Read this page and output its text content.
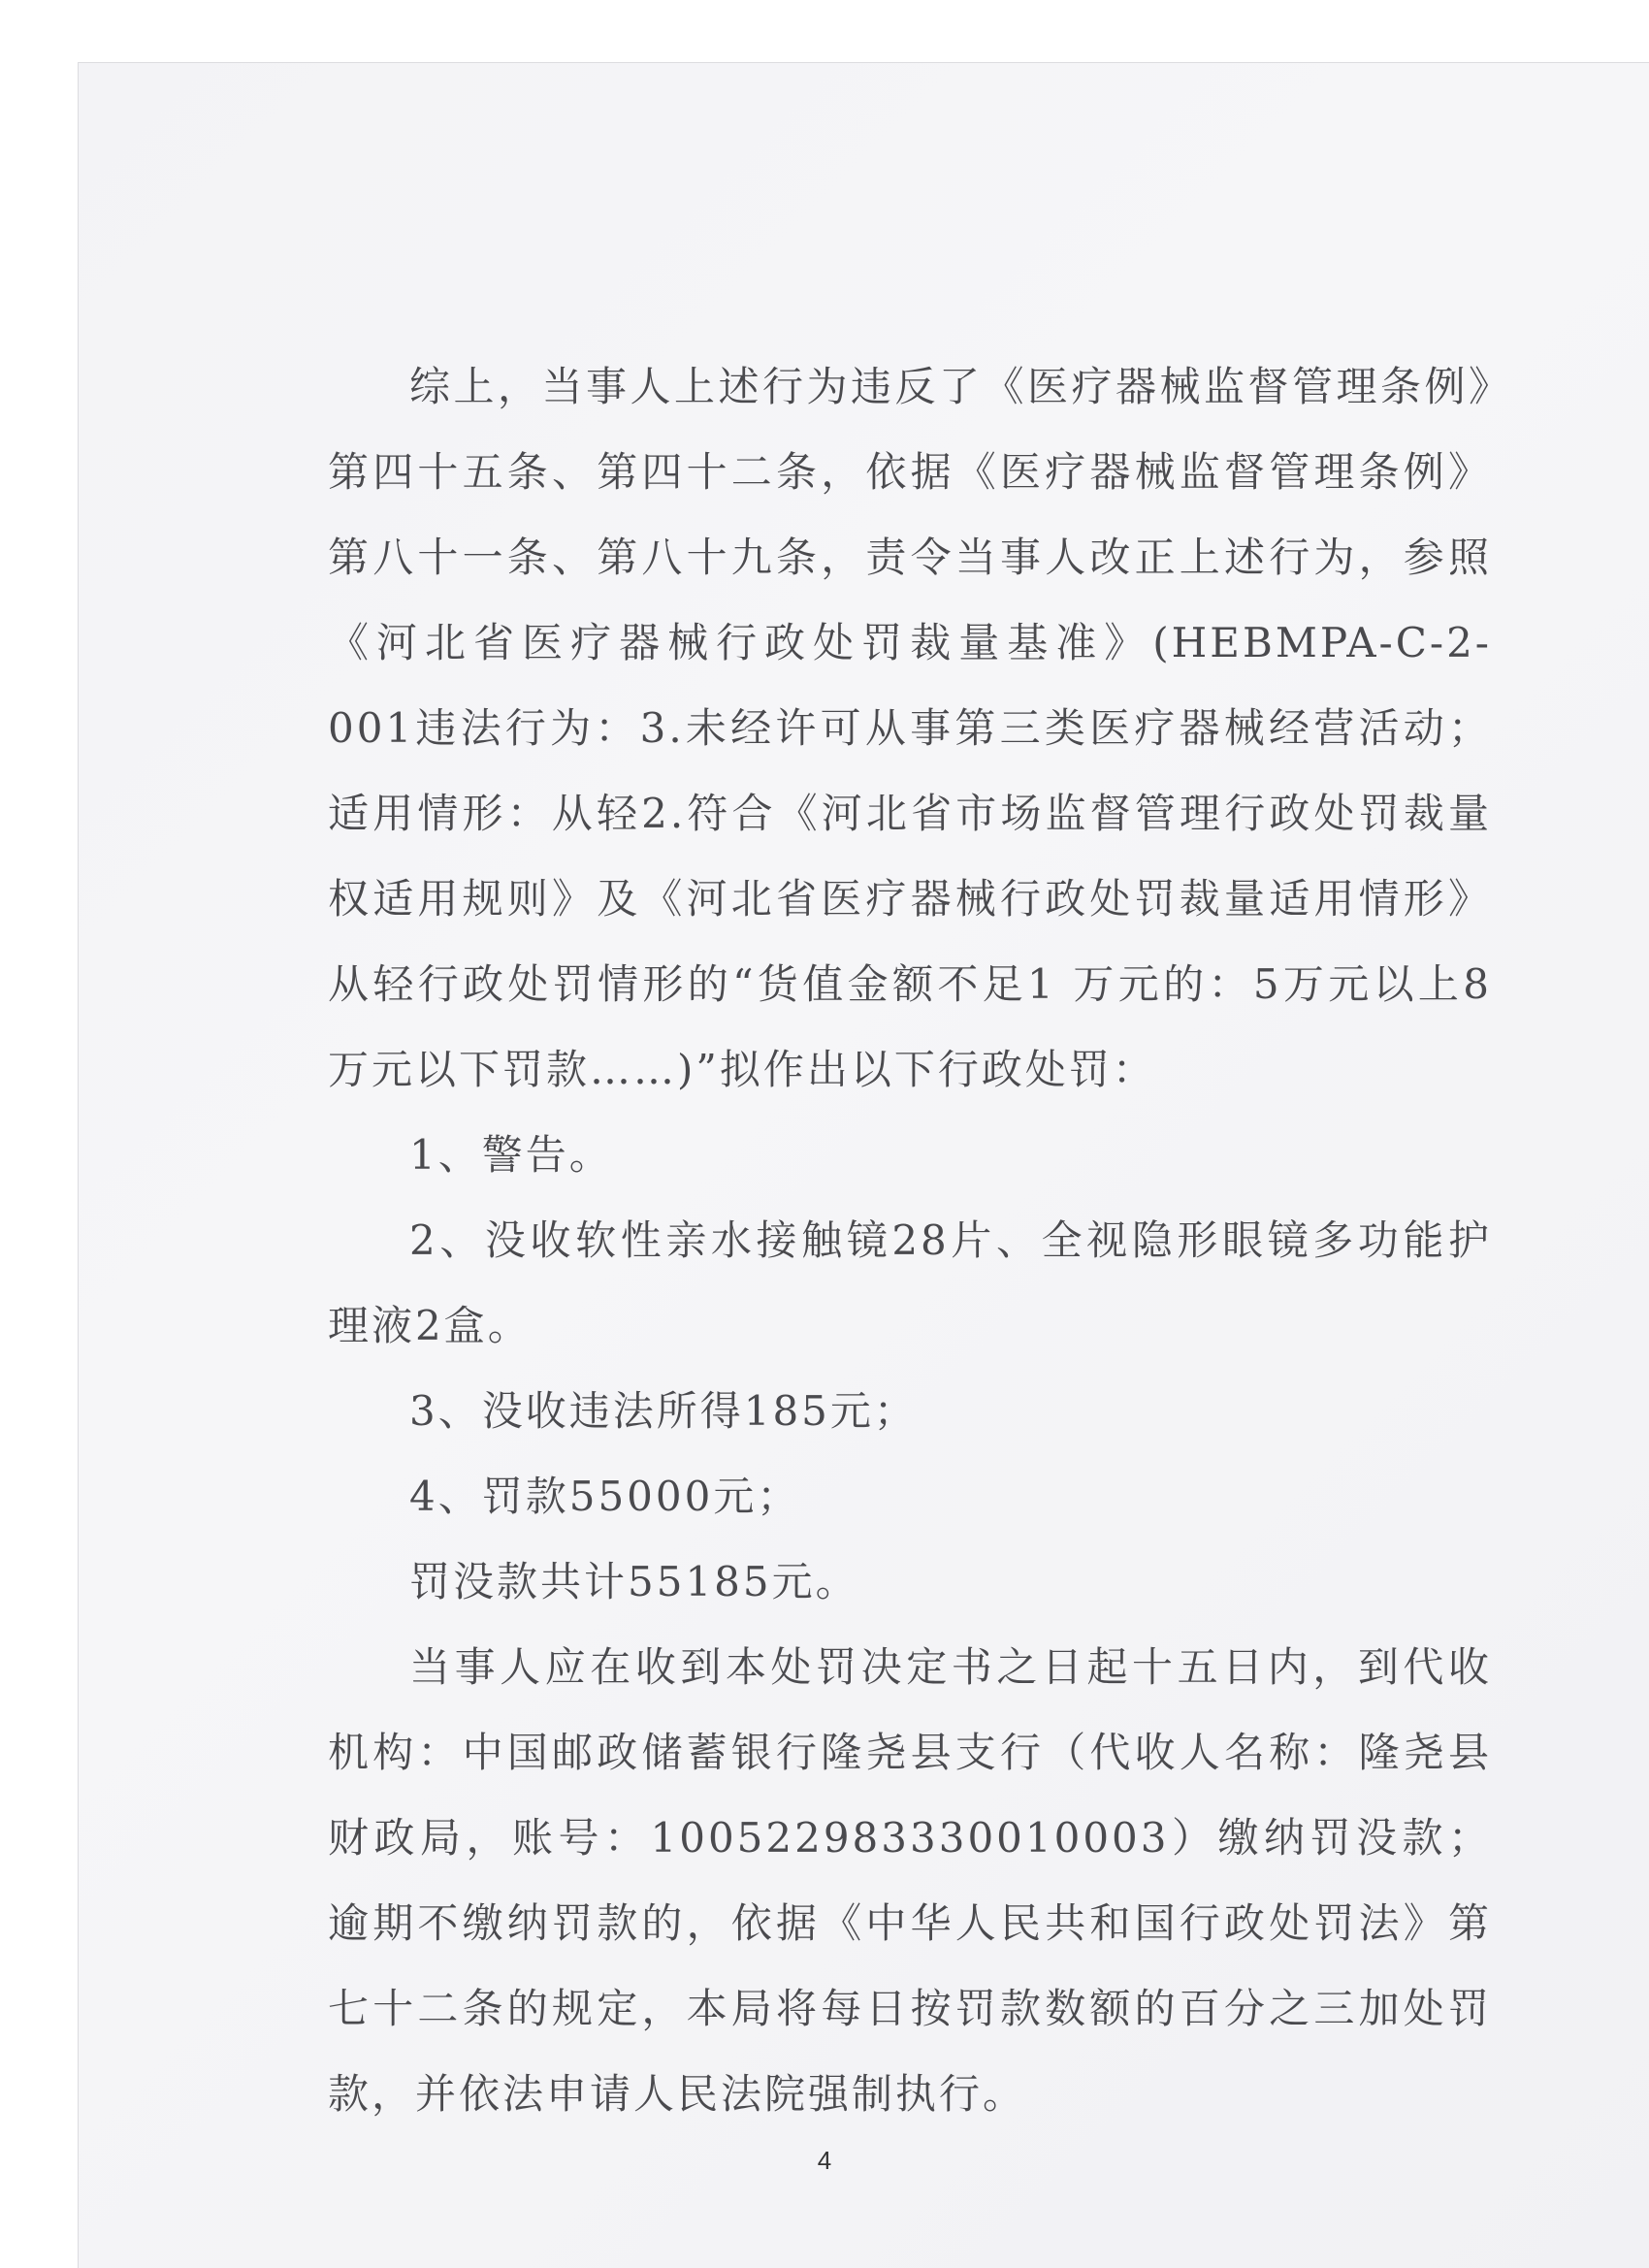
综上，当事人上述行为违反了《医疗器械监督管理条例》第四十五条、第四十二条，依据《医疗器械监督管理条例》第八十一条、第八十九条，责令当事人改正上述行为，参照《河北省医疗器械行政处罚裁量基准》(HEBMPA-C-2-001违法行为：3.未经许可从事第三类医疗器械经营活动；适用情形：从轻2.符合《河北省市场监督管理行政处罚裁量权适用规则》及《河北省医疗器械行政处罚裁量适用情形》从轻行政处罚情形的“货值金额不足1 万元的：5万元以上8 万元以下罚款……)”拟作出以下行政处罚：

1、警告。

2、没收软性亲水接触镜28片、全视隐形眼镜多功能护理液2盒。

3、没收违法所得185元；

4、罚款55000元；

罚没款共计55185元。

当事人应在收到本处罚决定书之日起十五日内，到代收机构：中国邮政储蓄银行隆尧县支行（代收人名称：隆尧县财政局，账号：100522983330010003）缴纳罚没款；逾期不缴纳罚款的，依据《中华人民共和国行政处罚法》第七十二条的规定，本局将每日按罚款数额的百分之三加处罚款，并依法申请人民法院强制执行。

4
